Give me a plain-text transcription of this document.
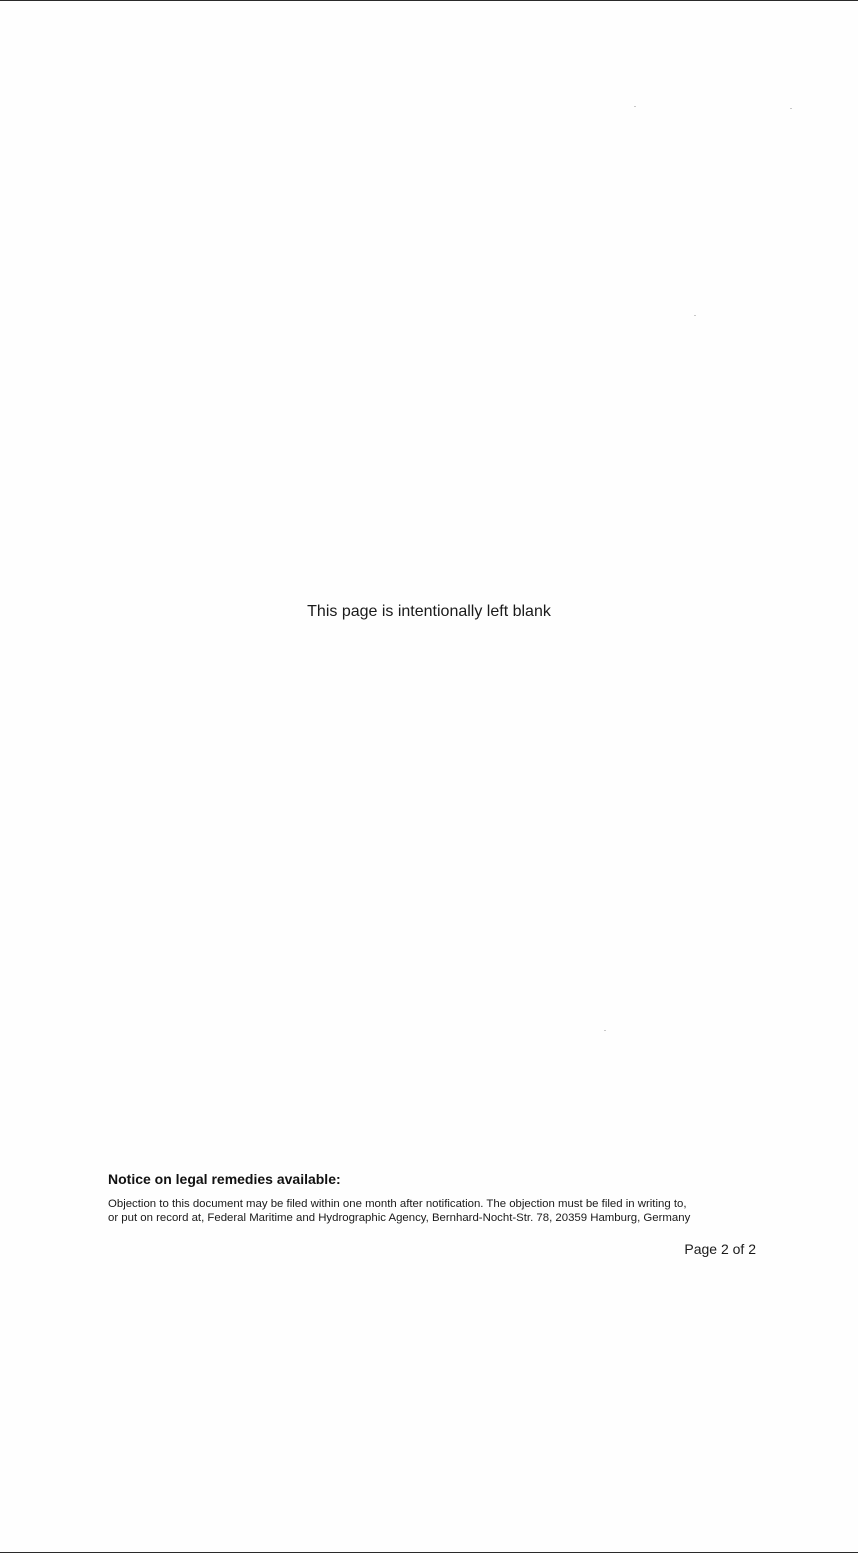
This page is intentionally left blank
Notice on legal remedies available:
Objection to this document may be filed within one month after notification. The objection must be filed in writing to,
or put on record at, Federal Maritime and Hydrographic Agency, Bernhard-Nocht-Str. 78, 20359 Hamburg, Germany
Page 2 of 2
